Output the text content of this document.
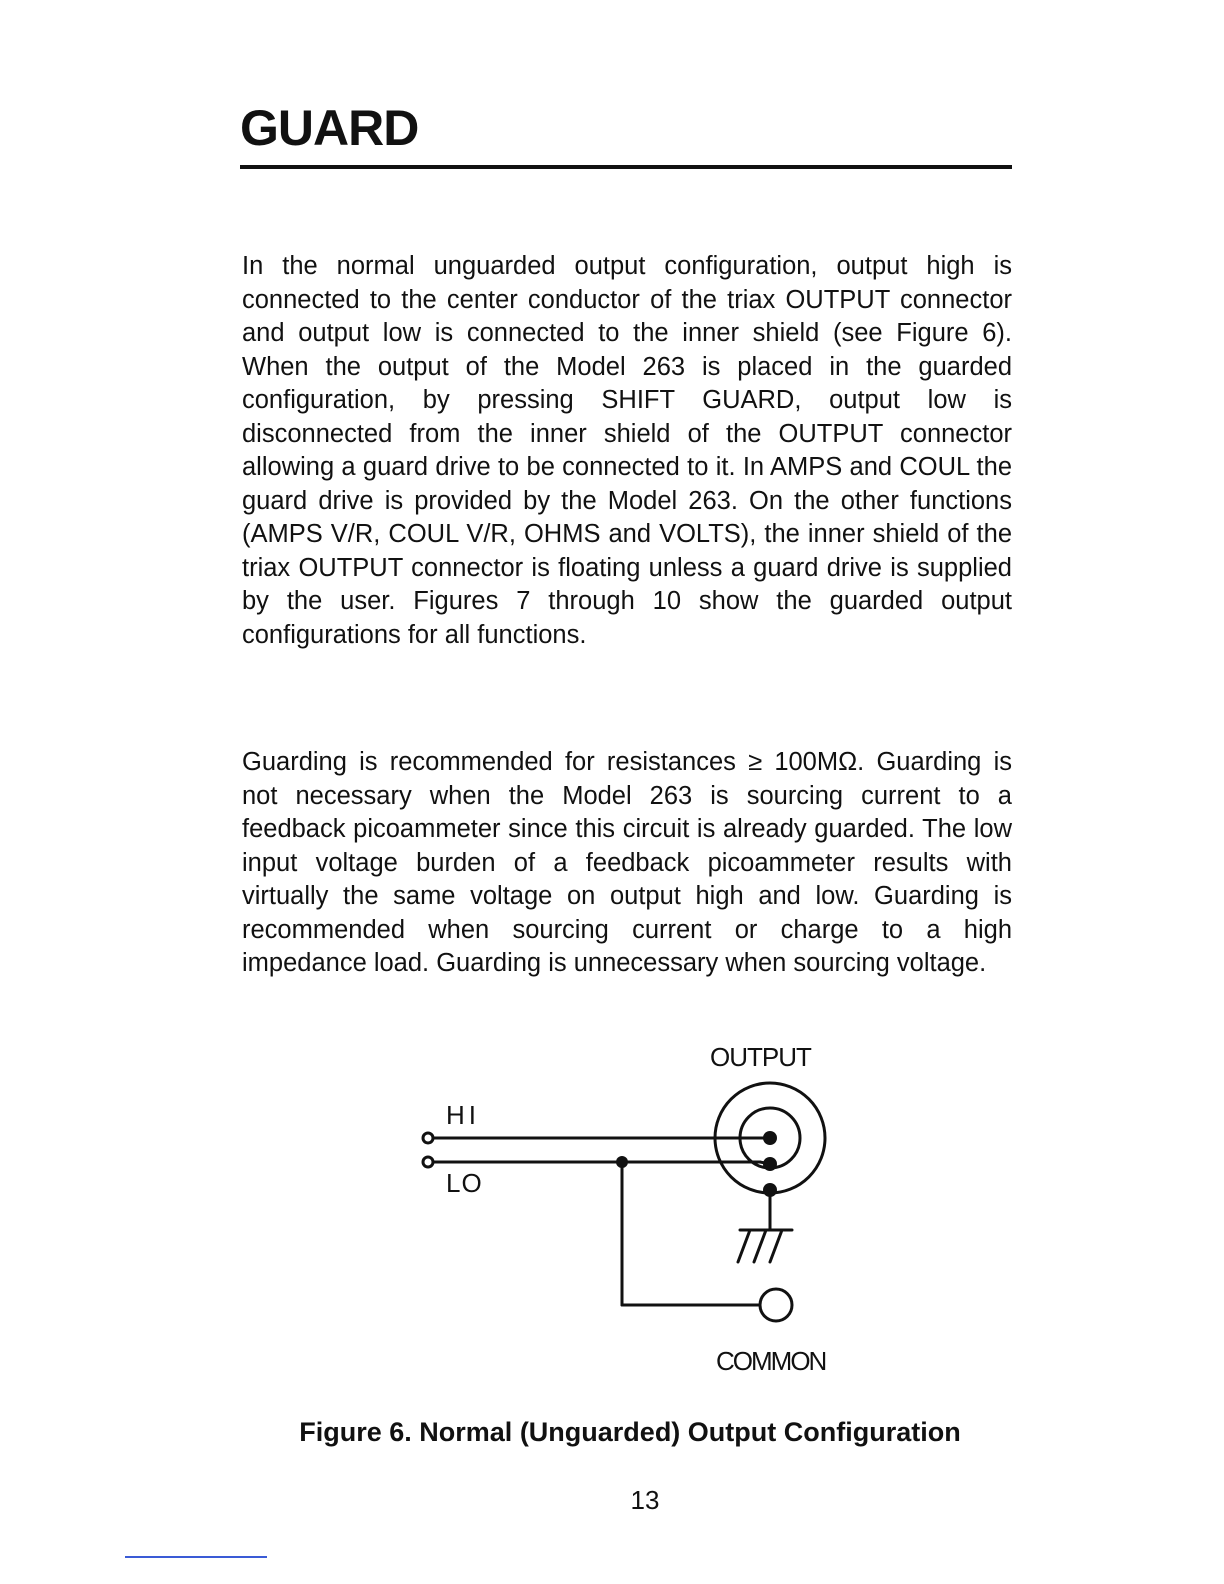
GUARD

In the normal unguarded output configuration, output high is connected to the center conductor of the triax OUTPUT connector and output low is connected to the inner shield (see Figure 6). When the output of the Model 263 is placed in the guarded configuration, by pressing SHIFT GUARD, output low is disconnected from the inner shield of the OUTPUT connector allowing a guard drive to be connected to it. In AMPS and COUL the guard drive is provided by the Model 263. On the other functions (AMPS V/R, COUL V/R, OHMS and VOLTS), the inner shield of the triax OUTPUT connector is floating unless a guard drive is supplied by the user. Figures 7 through 10 show the guarded output configurations for all functions.

Guarding is recommended for resistances ≥ 100MΩ. Guarding is not necessary when the Model 263 is sourcing current to a feedback picoammeter since this circuit is already guarded. The low input voltage burden of a feedback picoammeter results with virtually the same voltage on output high and low. Guarding is recommended when sourcing current or charge to a high impedance load. Guarding is unnecessary when sourcing voltage.

OUTPUT
HI
LO
COMMON

Figure 6. Normal (Unguarded) Output Configuration

13
